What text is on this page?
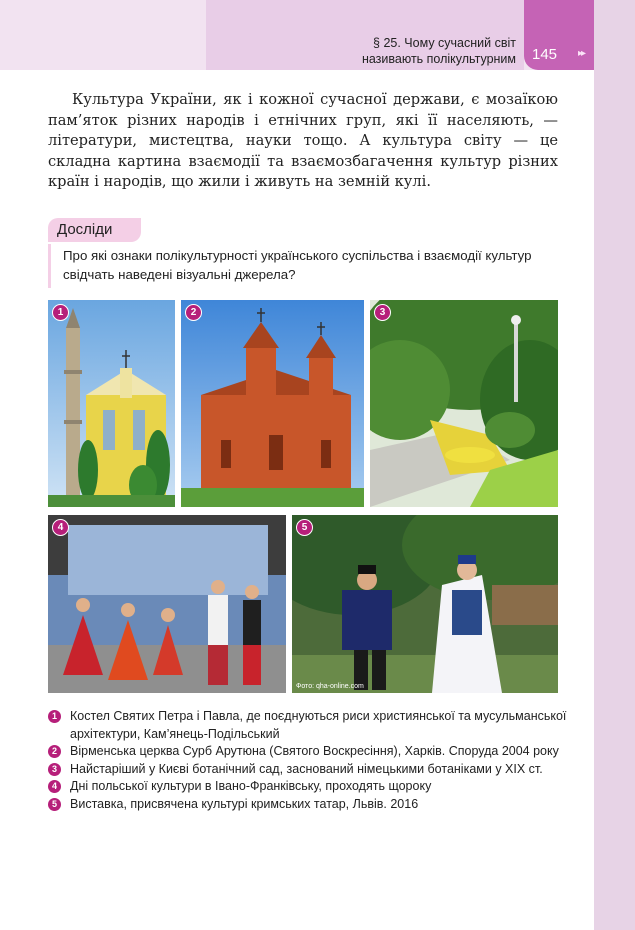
§ 25. Чому сучасний світ
називають полікультурним 145 ▸▸

Культура України, як і кожної сучасної держави, є мозаїкою пам’яток різних народів і етнічних груп, які її населяють, — літератури, мистецтва, науки тощо. А культура світу — це складна картина взаємодії та взаємозбагачення культур різних країн і народів, що жили і живуть на земній кулі.

Досліди
Про які ознаки полікультурності українського суспільства і взаємодії культур свідчать наведені візуальні джерела?
1	2	3
4	5
Фото: qha-online.com
1	Костел Святих Петра і Павла, де поєднуються риси християнської та мусульманської архітектури, Кам’янець-Подільський
2	Вірменська церква Сурб Арутюна (Святого Воскресіння), Харків. Споруда 2004 року
3	Найстаріший у Києві ботанічний сад, заснований німецькими ботаніками у ХІХ ст.
4	Дні польської культури в Івано-Франківську, проходять щороку
5	Виставка, присвячена культурі кримських татар, Львів. 2016
